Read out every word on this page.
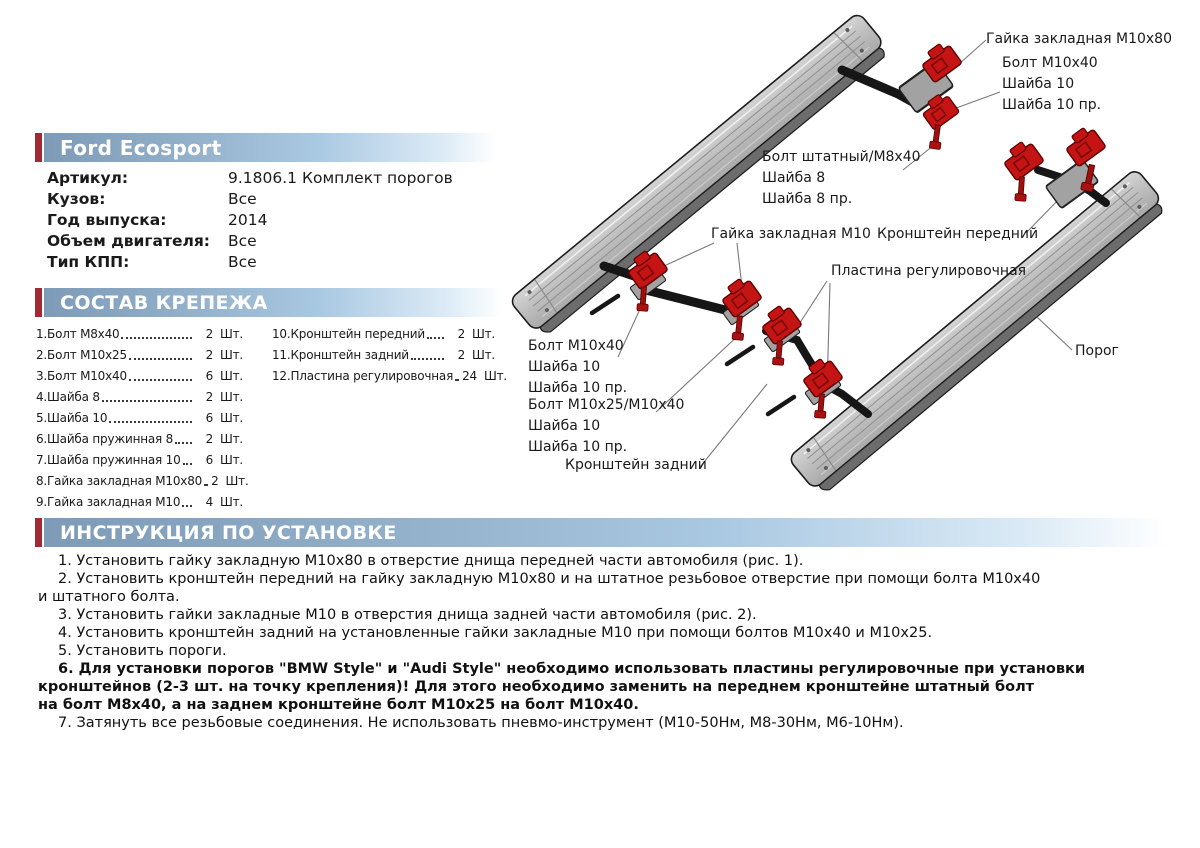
Ford Ecosport
Артикул:	9.1806.1 Комплект порогов
Кузов:	Все
Год выпуска:	2014
Объем двигателя:	Все
Тип КПП:	Все
СОСТАВ КРЕПЕЖА
1.Болт М8х40	2 Шт.
2.Болт М10х25	2 Шт.
3.Болт М10х40	6 Шт.
4.Шайба 8	2 Шт.
5.Шайба 10	6 Шт.
6.Шайба пружинная 8	2 Шт.
7.Шайба пружинная 10	6 Шт.
8.Гайка закладная М10х80 2 Шт.
9.Гайка закладная М10	4 Шт.
10.Кронштейн передний	2 Шт.
11.Кронштейн задний	2 Шт.
12.Пластина регулировочная 24 Шт.
ИНСТРУКЦИЯ ПО УСТАНОВКЕ
1. Установить гайку закладную М10х80 в отверстие днища передней части автомобиля (рис. 1).
2. Установить кронштейн передний на гайку закладную М10х80 и на штатное резьбовое отверстие при помощи болта М10х40
и штатного болта.
3. Установить гайки закладные М10 в отверстия днища задней части автомобиля (рис. 2).
4. Установить кронштейн задний на установленные гайки закладные М10 при помощи болтов М10х40 и М10х25.
5. Установить пороги.
6. Для установки порогов "BMW Style" и "Audi Style" необходимо использовать пластины регулировочные при установки
кронштейнов (2-3 шт. на точку крепления)! Для этого необходимо заменить на переднем кронштейне штатный болт
на болт М8х40, а на заднем кронштейне болт М10х25 на болт М10х40.
7. Затянуть все резьбовые соединения. Не использовать пневмо-инструмент (М10-50Нм, М8-30Нм, М6-10Нм).
Гайка закладная М10х80
Болт М10х40
Шайба 10
Шайба 10 пр.
Болт штатный/М8х40
Шайба 8
Шайба 8 пр.
Гайка закладная М10 Кронштейн передний
Пластина регулировочная
Болт М10х40
Шайба 10
Шайба 10 пр.
Болт М10х25/М10х40
Шайба 10
Шайба 10 пр.
Кронштейн задний
Порог
